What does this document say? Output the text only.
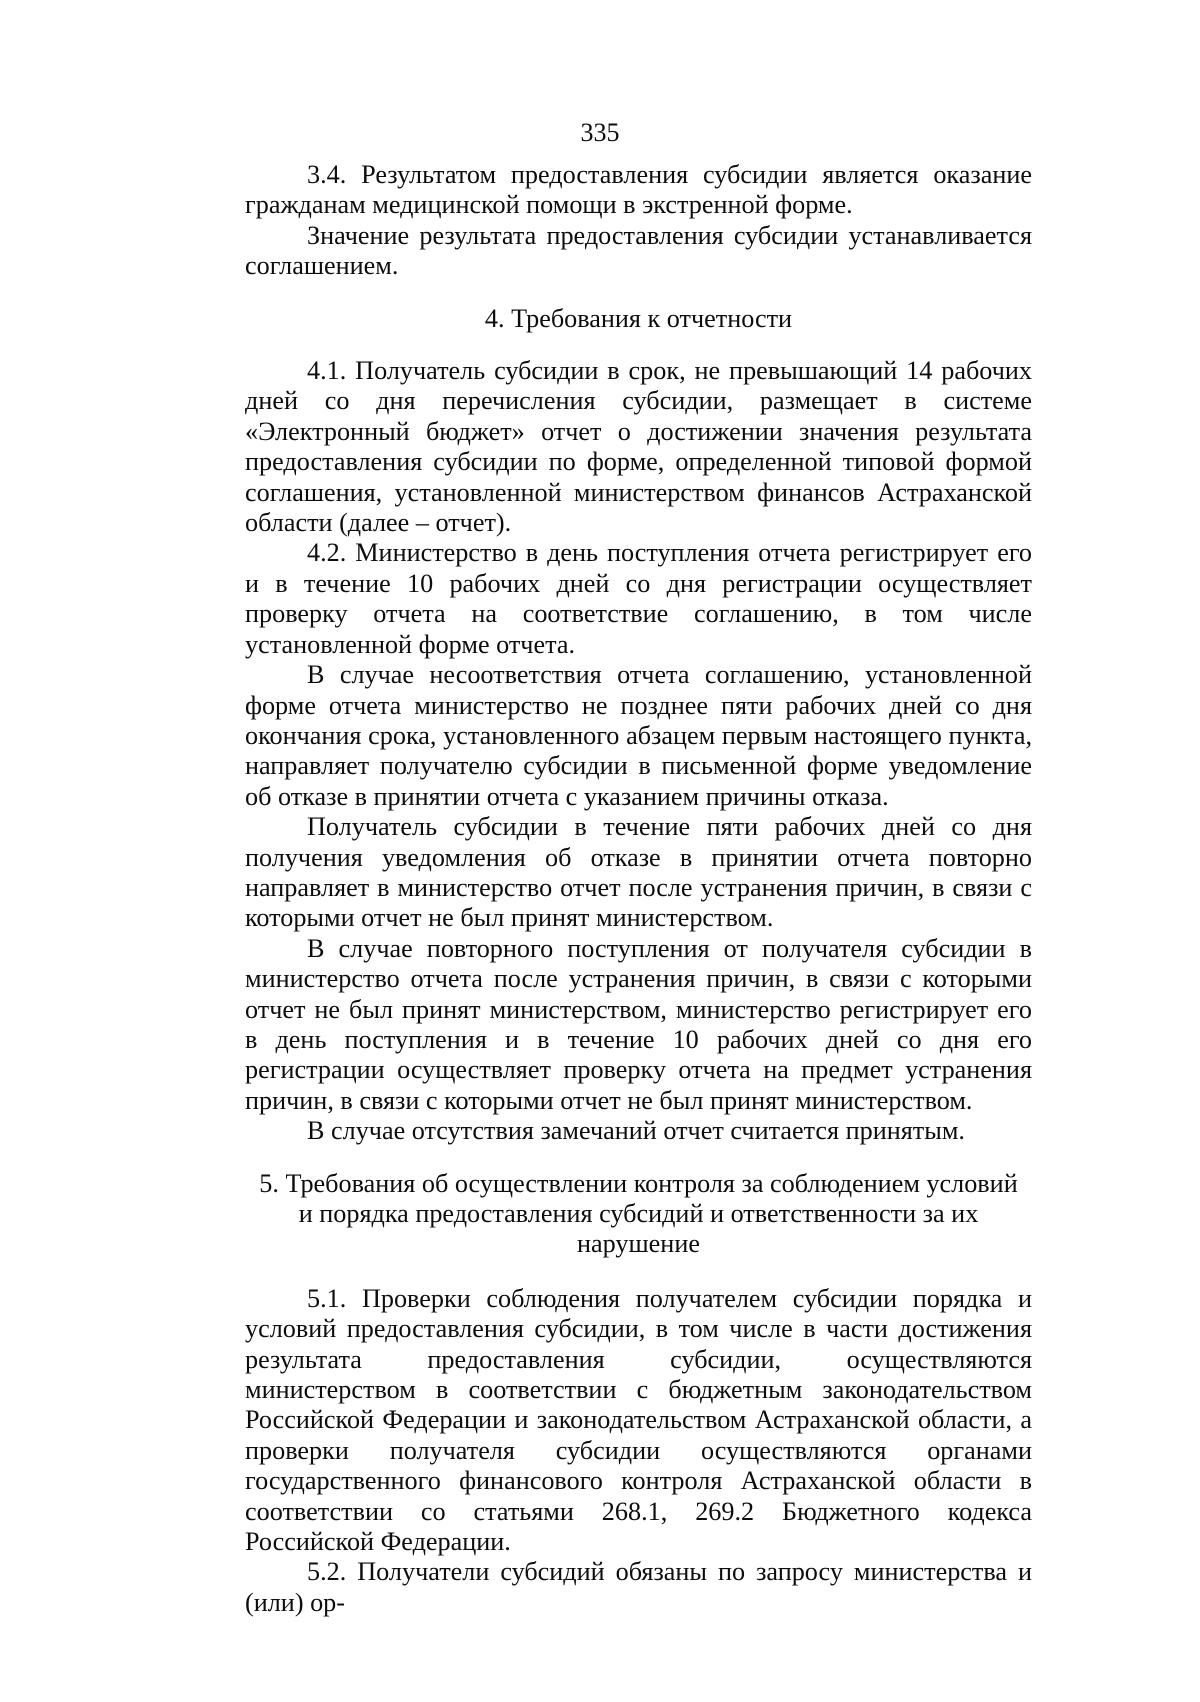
335

3.4. Результатом предоставления субсидии является оказание гражданам медицинской помощи в экстренной форме.

Значение результата предоставления субсидии устанавливается соглашением.

4. Требования к отчетности

4.1. Получатель субсидии в срок, не превышающий 14 рабочих дней со дня перечисления субсидии, размещает в системе «Электронный бюджет» отчет о достижении значения результата предоставления субсидии по форме, определенной типовой формой соглашения, установленной министерством финансов Астраханской области (далее – отчет).

4.2. Министерство в день поступления отчета регистрирует его и в течение 10 рабочих дней со дня регистрации осуществляет проверку отчета на соответствие соглашению, в том числе установленной форме отчета.

В случае несоответствия отчета соглашению, установленной форме отчета министерство не позднее пяти рабочих дней со дня окончания срока, установленного абзацем первым настоящего пункта, направляет получателю субсидии в письменной форме уведомление об отказе в принятии отчета с указанием причины отказа.

Получатель субсидии в течение пяти рабочих дней со дня получения уведомления об отказе в принятии отчета повторно направляет в министерство отчет после устранения причин, в связи с которыми отчет не был принят министерством.

В случае повторного поступления от получателя субсидии в министерство отчета после устранения причин, в связи с которыми отчет не был принят министерством, министерство регистрирует его в день поступления и в течение 10 рабочих дней со дня его регистрации осуществляет проверку отчета на предмет устранения причин, в связи с которыми отчет не был принят министерством.

В случае отсутствия замечаний отчет считается принятым.

5. Требования об осуществлении контроля за соблюдением условий и порядка предоставления субсидий и ответственности за их нарушение

5.1. Проверки соблюдения получателем субсидии порядка и условий предоставления субсидии, в том числе в части достижения результата предоставления субсидии, осуществляются министерством в соответствии с бюджетным законодательством Российской Федерации и законодательством Астраханской области, а проверки получателя субсидии осуществляются органами государственного финансового контроля Астраханской области в соответствии со статьями 268.1, 269.2 Бюджетного кодекса Российской Федерации.

5.2. Получатели субсидий обязаны по запросу министерства и (или) ор-
